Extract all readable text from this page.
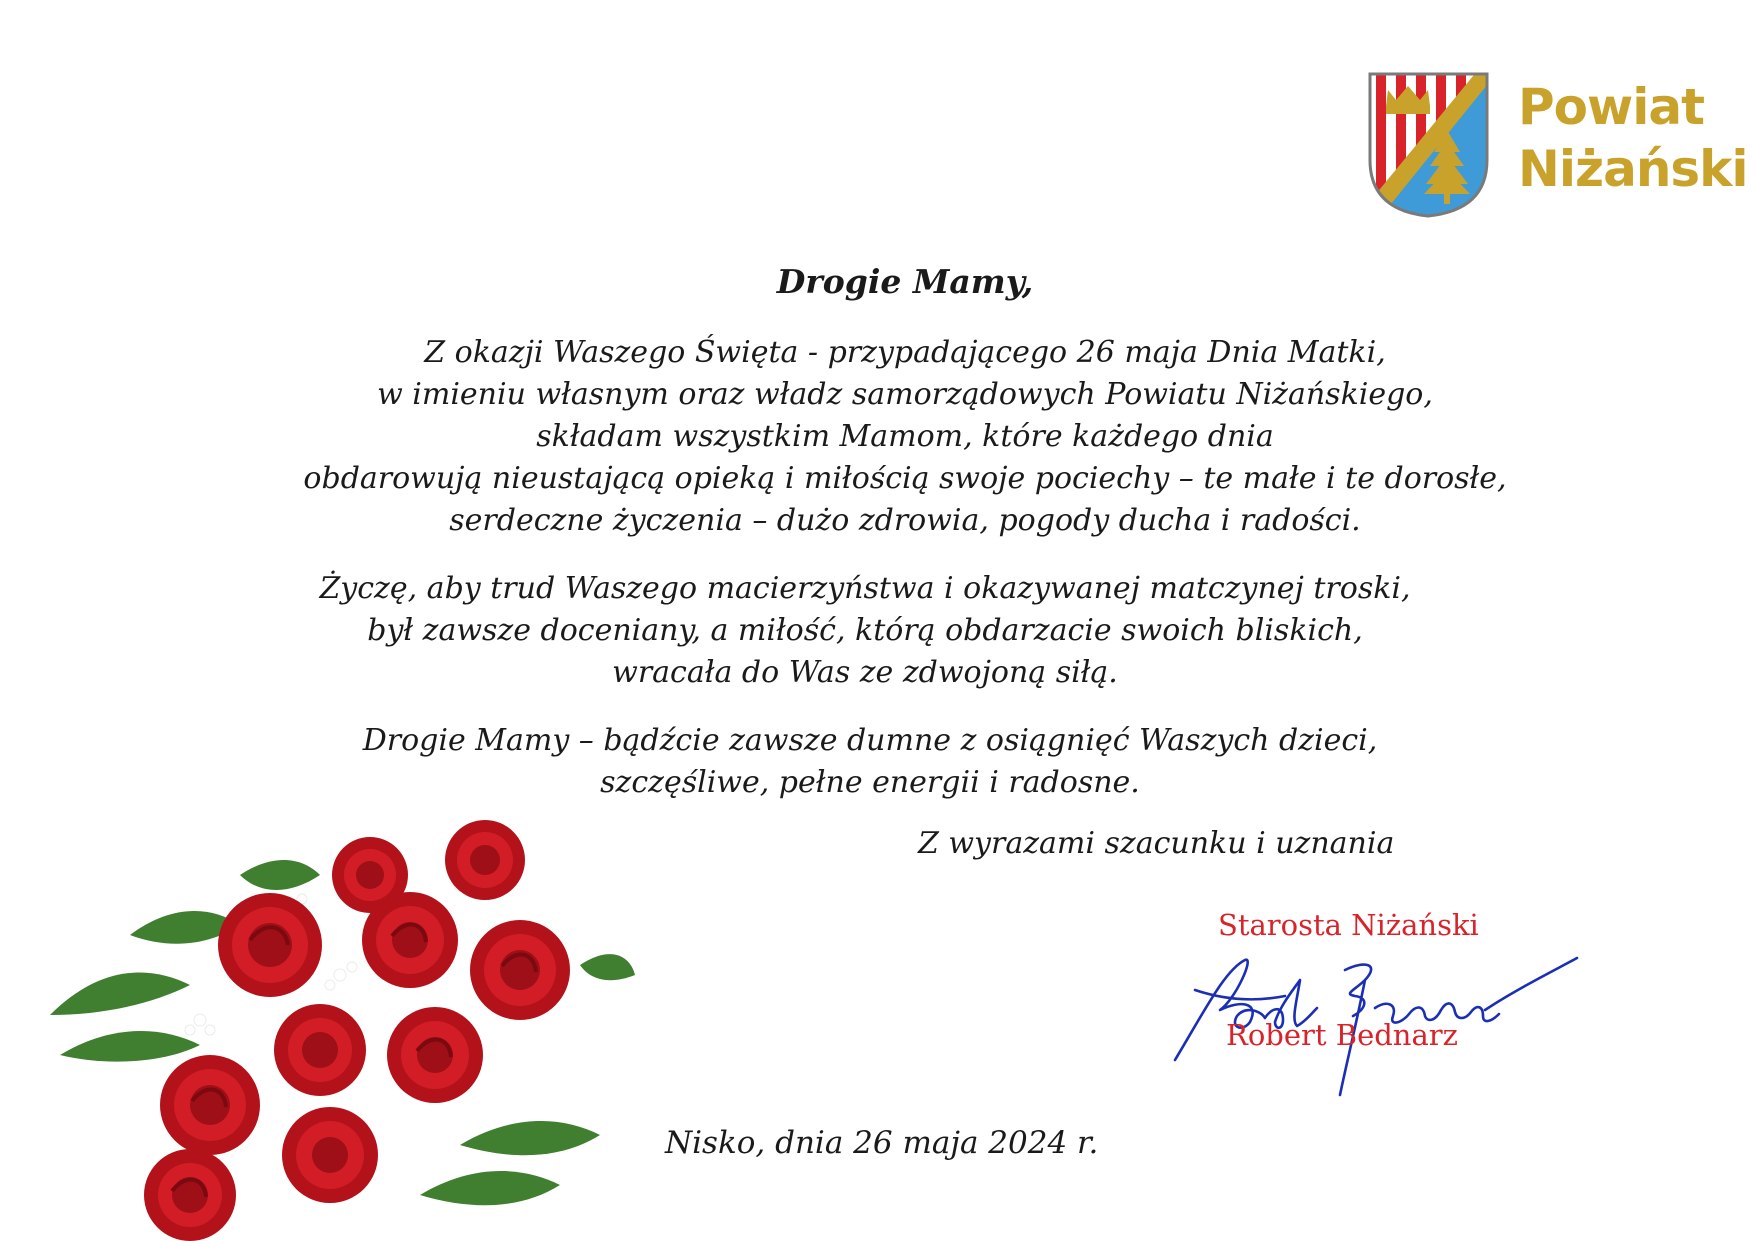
Powiat
Niżański
Drogie Mamy,
Z okazji Waszego Święta - przypadającego 26 maja Dnia Matki,
w imieniu własnym oraz władz samorządowych Powiatu Niżańskiego,
składam wszystkim Mamom, które każdego dnia
obdarowują nieustającą opieką i miłością swoje pociechy – te małe i te dorosłe,
serdeczne życzenia – dużo zdrowia, pogody ducha i radości.
Życzę, aby trud Waszego macierzyństwa i okazywanej matczynej troski,
był zawsze doceniany, a miłość, którą obdarzacie swoich bliskich,
wracała do Was ze zdwojoną siłą.
Drogie Mamy – bądźcie zawsze dumne z osiągnięć Waszych dzieci,
szczęśliwe, pełne energii i radosne.
Z wyrazami szacunku i uznania
Starosta Niżański
Robert Bednarz
Nisko, dnia 26 maja 2024 r.
